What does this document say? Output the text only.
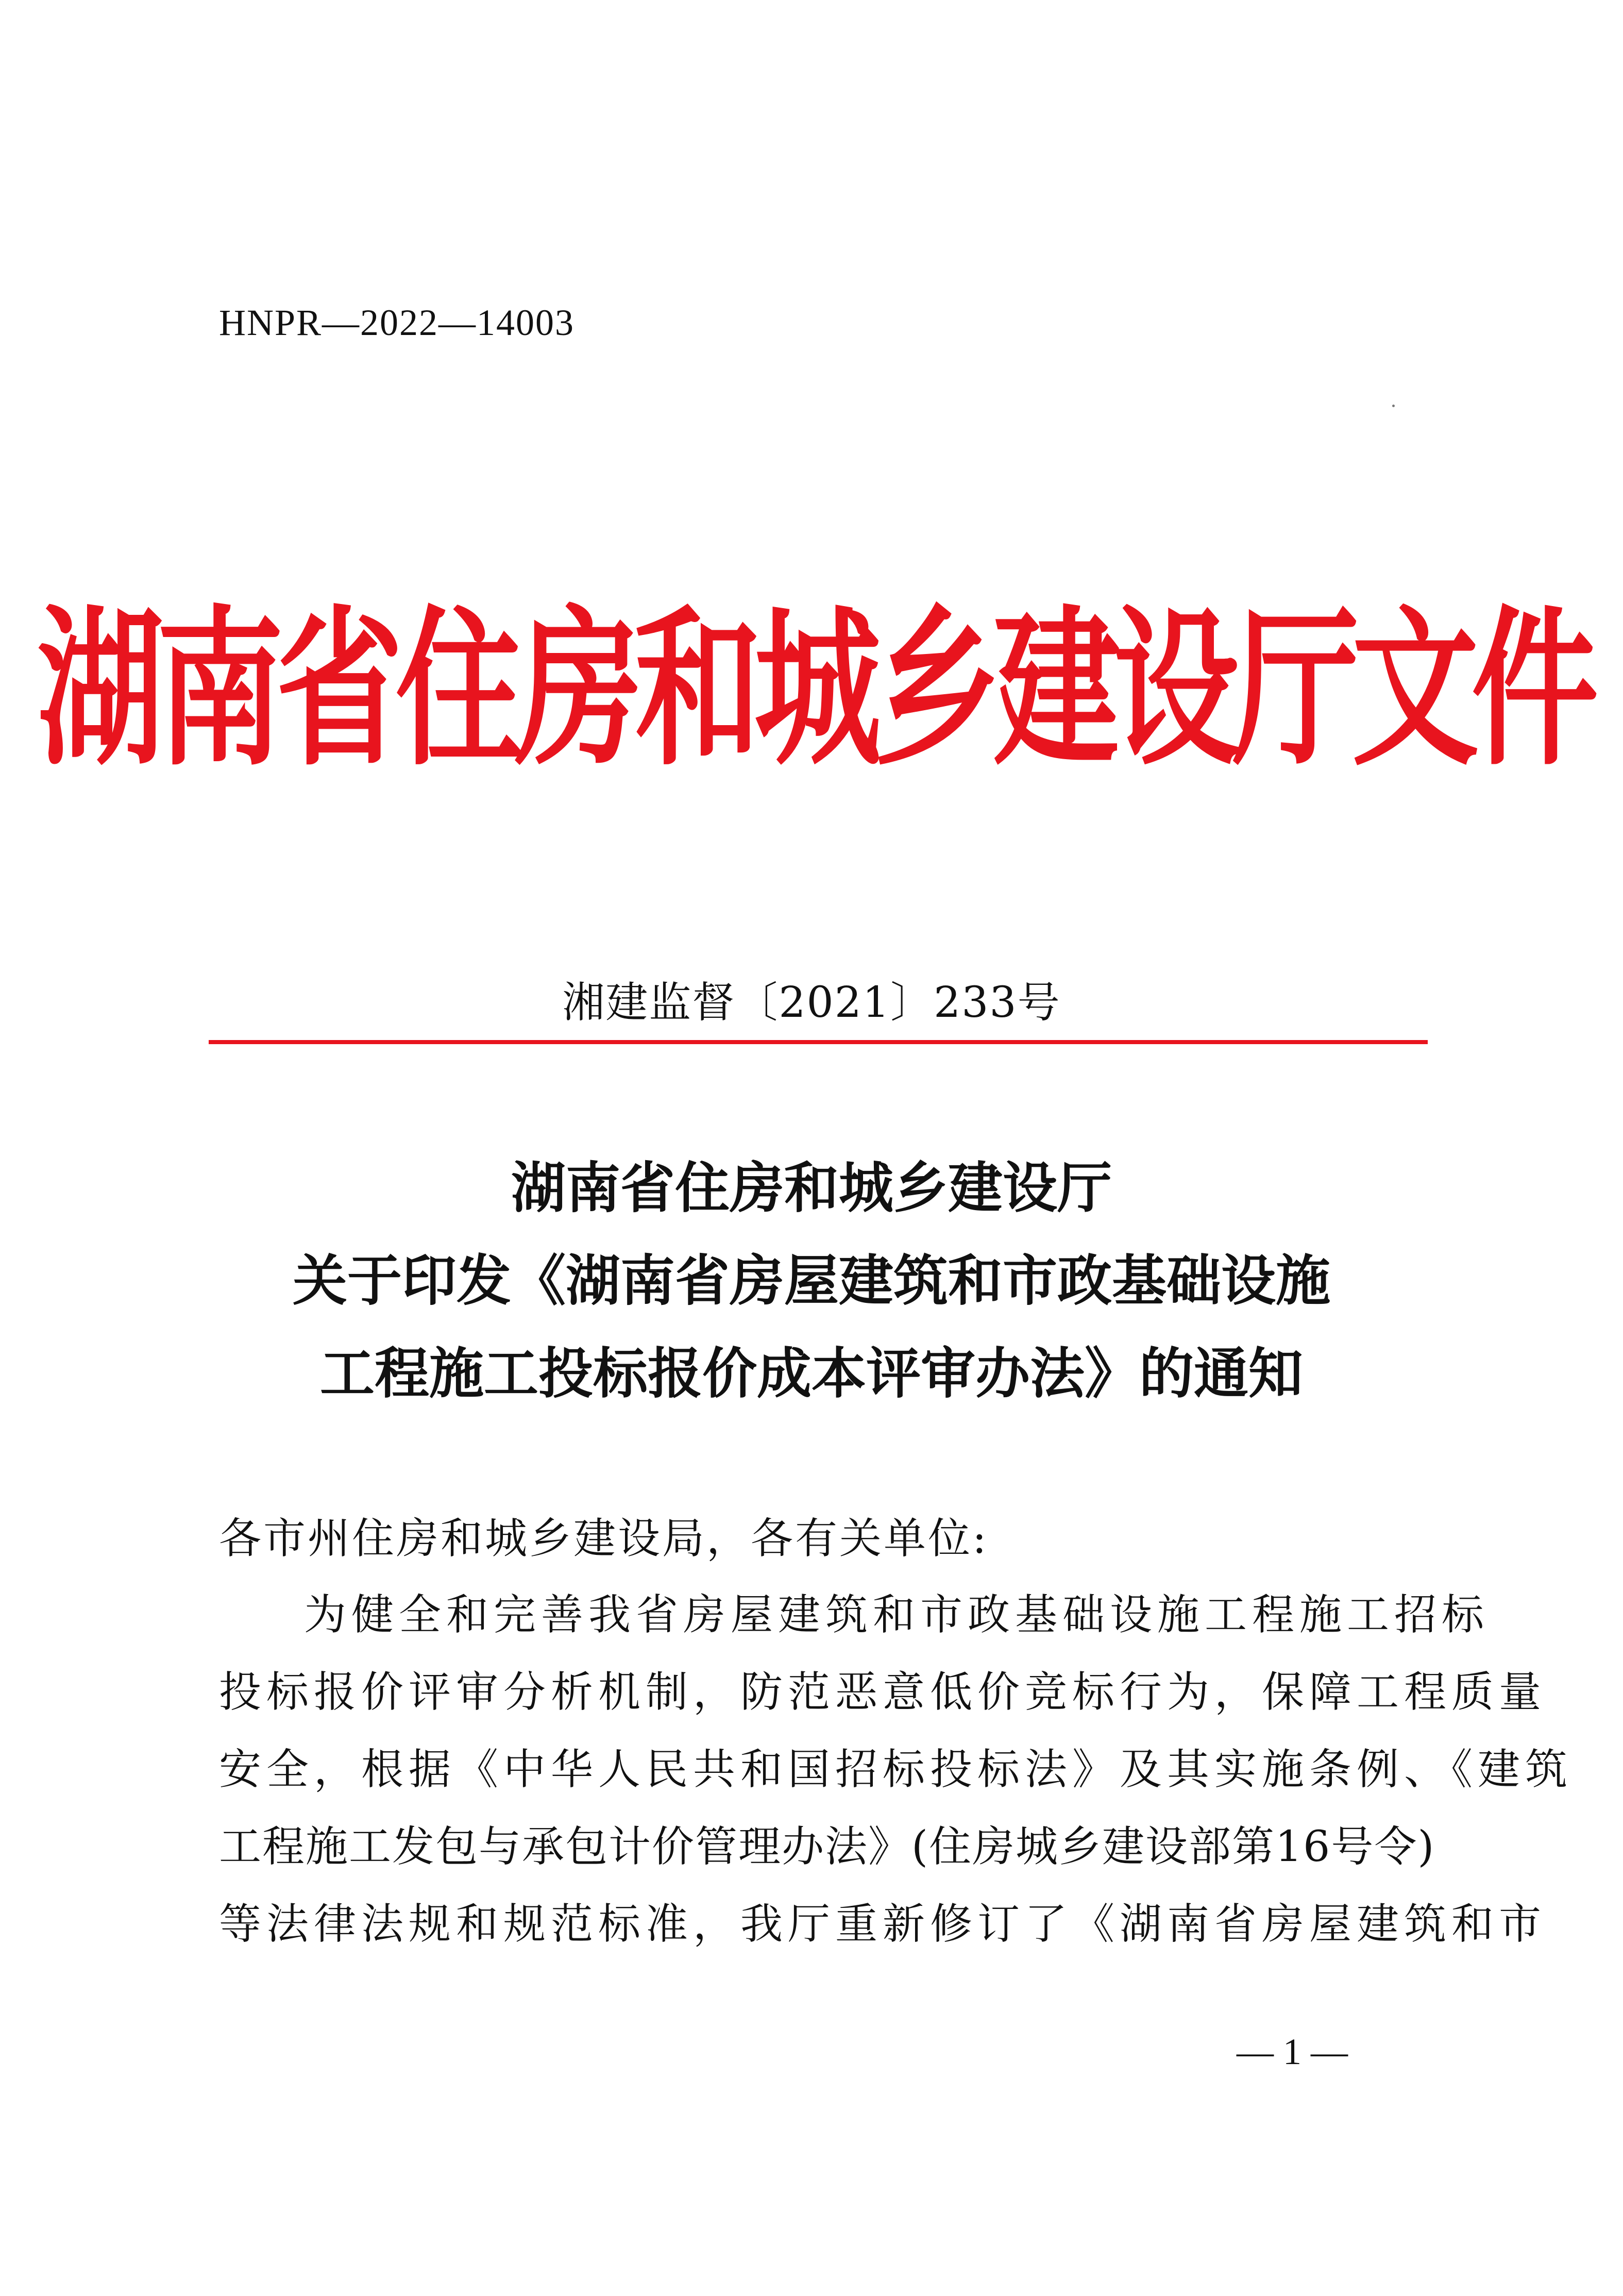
HNPR—2022—14003
湖南省住房和城乡建设厅文件
湘建监督〔2021〕233号
湖南省住房和城乡建设厅
关于印发《湖南省房屋建筑和市政基础设施
工程施工投标报价成本评审办法》的通知
各市州住房和城乡建设局，各有关单位:
为健全和完善我省房屋建筑和市政基础设施工程施工招标
投标报价评审分析机制，防范恶意低价竞标行为，保障工程质量
安全，根据《中华人民共和国招标投标法》及其实施条例、《建筑
工程施工发包与承包计价管理办法》(住房城乡建设部第16号令)
等法律法规和规范标准，我厅重新修订了《湖南省房屋建筑和市
— 1 —
